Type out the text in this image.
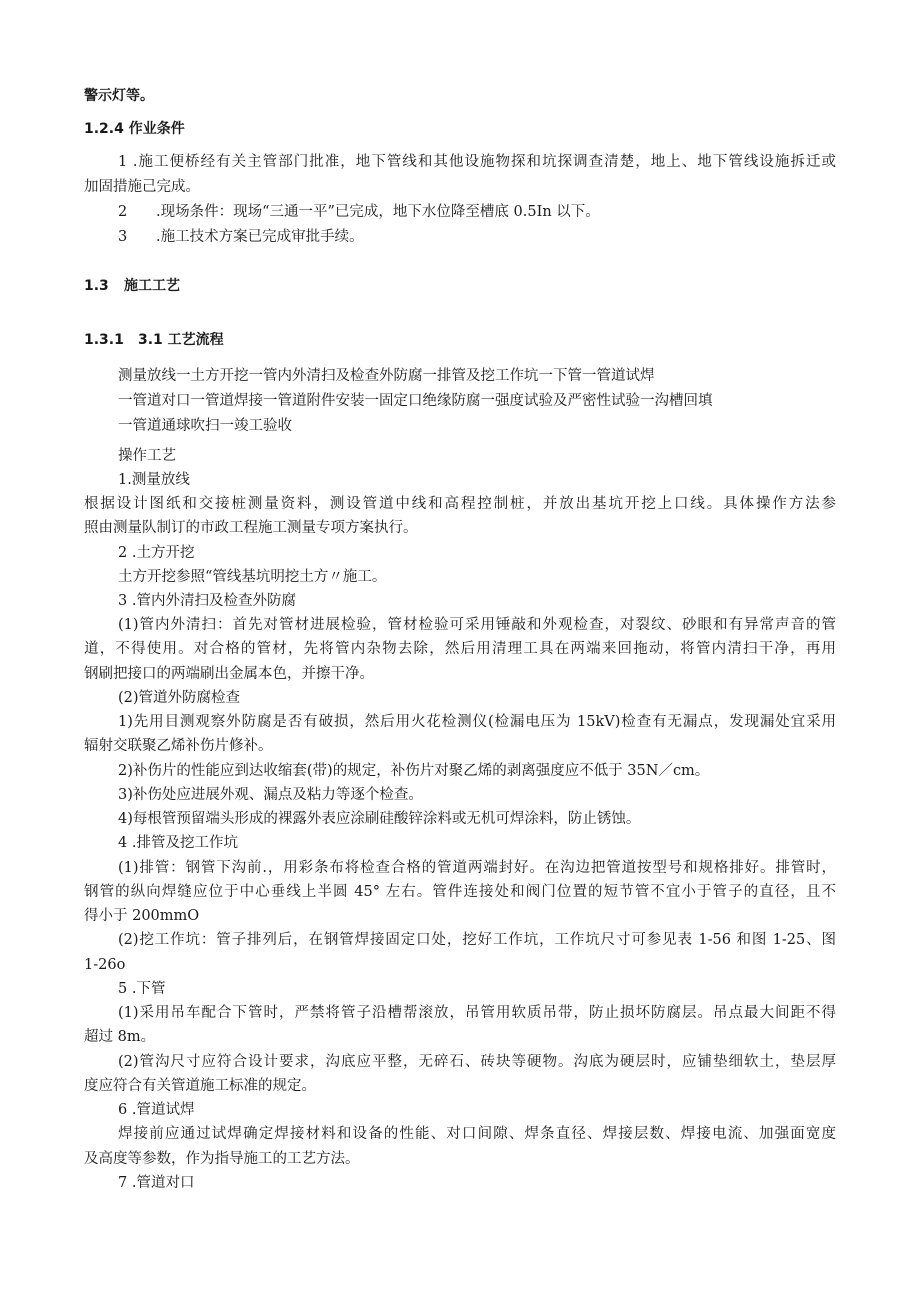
警示灯等。
1.2.4 作业条件
1 .施工便桥经有关主管部门批准，地下管线和其他设施物探和坑探调查清楚，地上、地下管线设施拆迁或
加固措施己完成。
2 .现场条件：现场“三通一平”已完成，地下水位降至槽底 0.5In 以下。
3 .施工技术方案已完成审批手续。
1.3 施工工艺
1.3.1 3.1 工艺流程
测量放线一土方开挖一管内外清扫及检查外防腐一排管及挖工作坑一下管一管道试焊
一管道对口一管道焊接一管道附件安装一固定口绝缘防腐一强度试验及严密性试验一沟槽回填
一管道通球吹扫一竣工验收
操作工艺
1.测量放线
根据设计图纸和交接桩测量资料，测设管道中线和高程控制桩，并放出基坑开挖上口线。具体操作方法参
照由测量队制订的市政工程施工测量专项方案执行。
2 .土方开挖
土方开挖参照“管线基坑明挖土方〃施工。
3 .管内外清扫及检查外防腐
(1)管内外清扫：首先对管材进展检验，管材检验可采用锤敲和外观检查，对裂纹、砂眼和有异常声音的管
道，不得使用。对合格的管材，先将管内杂物去除，然后用清理工具在两端来回拖动，将管内清扫干净，再用
钢刷把接口的两端刷出金属本色，并擦干净。
(2)管道外防腐检查
1)先用目测观察外防腐是否有破损，然后用火花检测仪(检漏电压为 15kV)检查有无漏点，发现漏处宜采用
辐射交联聚乙烯补伤片修补。
2)补伤片的性能应到达收缩套(带)的规定，补伤片对聚乙烯的剥离强度应不低于 35N／cm。
3)补伤处应进展外观、漏点及粘力等逐个检查。
4)每根管预留端头形成的裸露外表应涂刷硅酸锌涂料或无机可焊涂料，防止锈蚀。
4 .排管及挖工作坑
(1)排管：钢管下沟前.，用彩条布将检查合格的管道两端封好。在沟边把管道按型号和规格排好。排管时，
钢管的纵向焊缝应位于中心垂线上半圆 45° 左右。管件连接处和阀门位置的短节管不宜小于管子的直径，且不
得小于 200mmO
(2)挖工作坑：管子排列后，在钢管焊接固定口处，挖好工作坑，工作坑尺寸可参见表 1-56 和图 1-25、图
1-26o
5 .下管
(1)采用吊车配合下管时，严禁将管子沿槽帮滚放，吊管用软质吊带，防止损坏防腐层。吊点最大间距不得
超过 8m。
(2)管沟尺寸应符合设计要求，沟底应平整，无碎石、砖块等硬物。沟底为硬层时，应铺垫细软土，垫层厚
度应符合有关管道施工标准的规定。
6 .管道试焊
焊接前应通过试焊确定焊接材料和设备的性能、对口间隙、焊条直径、焊接层数、焊接电流、加强面宽度
及高度等参数，作为指导施工的工艺方法。
7 .管道对口
